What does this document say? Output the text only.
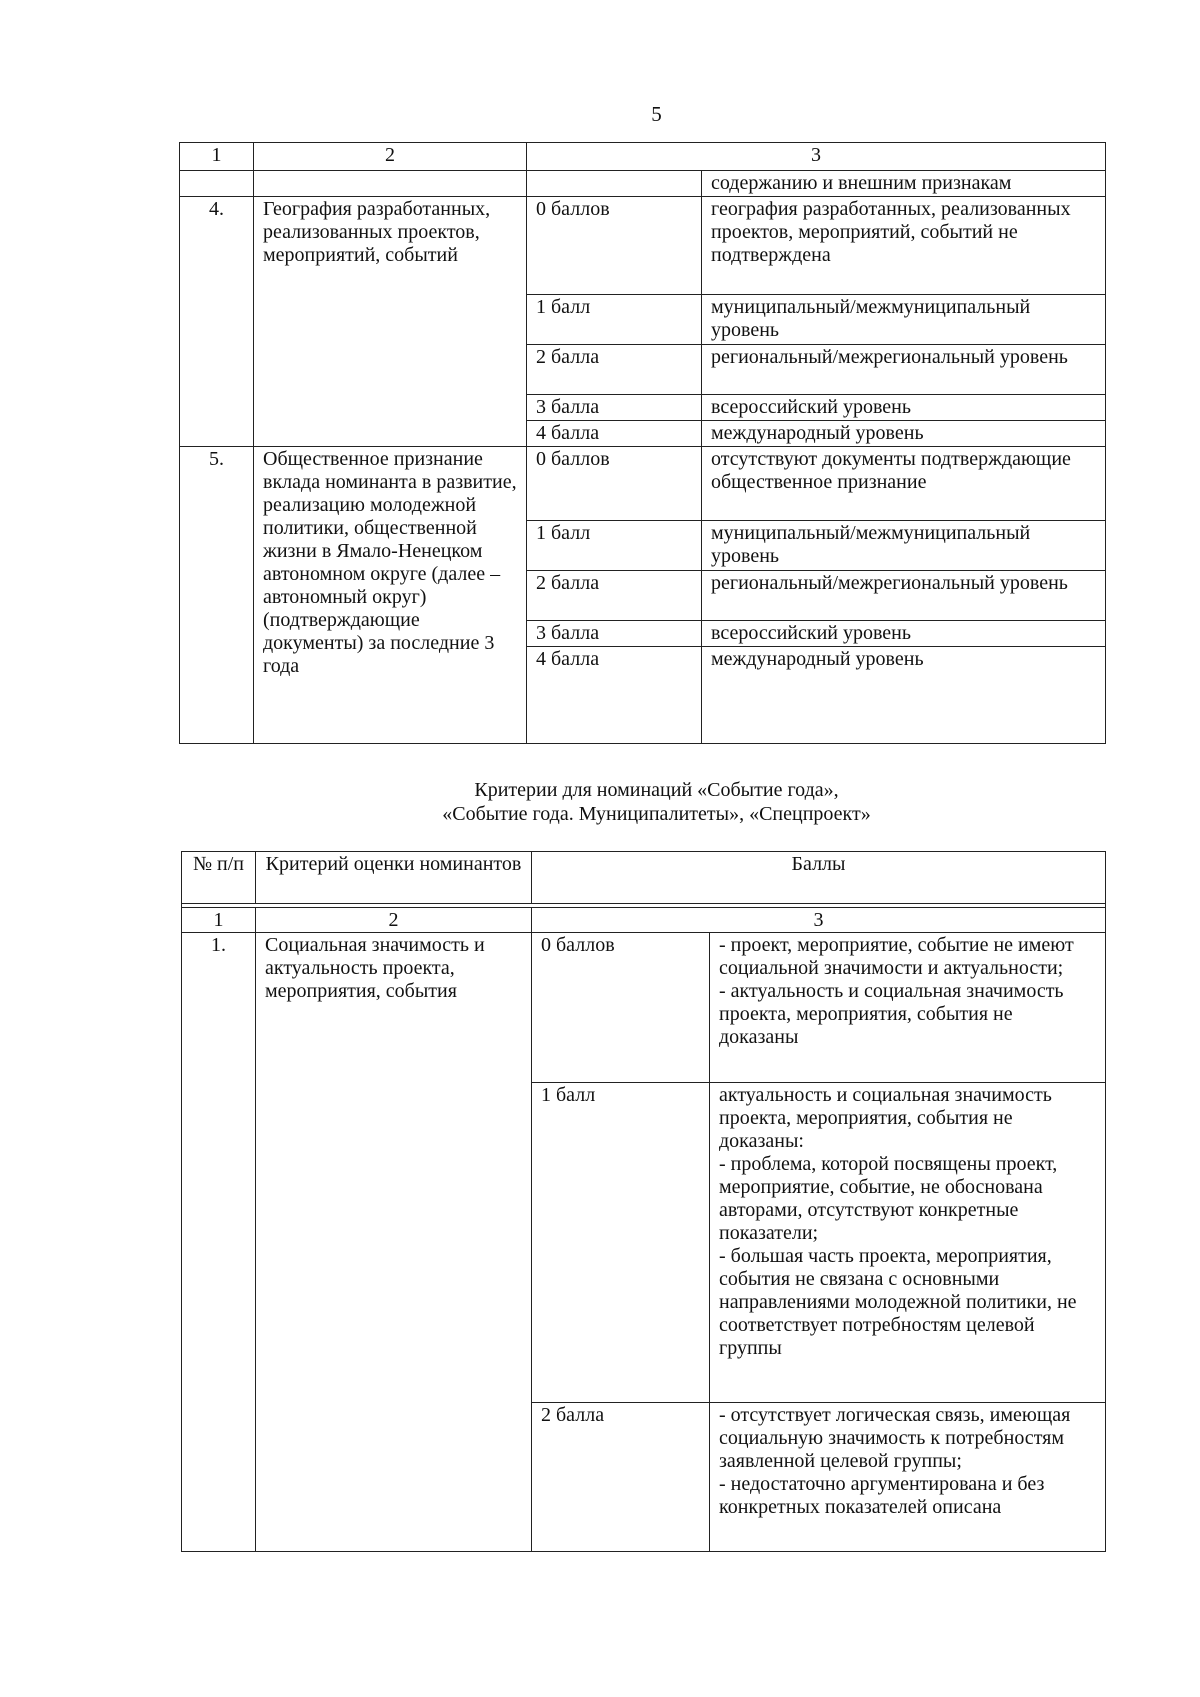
5
1	2	3	
			содержанию и внешним признакам
4.	География разработанных, реализованных проектов, мероприятий, событий	0 баллов	география разработанных, реализованных проектов, мероприятий, событий не подтверждена
		1 балл	муниципальный/межмуниципальный уровень
		2 балла	региональный/межрегиональный уровень
		3 балла	всероссийский уровень
		4 балла	международный уровень
5.	Общественное признание вклада номинанта в развитие, реализацию молодежной политики, общественной жизни в Ямало-Ненецком автономном округе (далее – автономный округ) (подтверждающие документы) за последние 3 года	0 баллов	отсутствуют документы подтверждающие общественное признание
		1 балл	муниципальный/межмуниципальный уровень
		2 балла	региональный/межрегиональный уровень
		3 балла	всероссийский уровень
		4 балла	международный уровень
Критерии для номинаций «Событие года»,
«Событие года. Муниципалитеты», «Спецпроект»
№ п/п	Критерий оценки номинантов	Баллы	

1	2	3	
1.	Социальная значимость и актуальность проекта, мероприятия, события	0 баллов	- проект, мероприятие, событие не имеют социальной значимости и актуальности;
- актуальность и социальная значимость проекта, мероприятия, события не доказаны
		1 балл	актуальность и социальная значимость проекта, мероприятия, события не доказаны:
- проблема, которой посвящены проект, мероприятие, событие, не обоснована авторами, отсутствуют конкретные показатели;
- большая часть проекта, мероприятия, события не связана с основными направлениями молодежной политики, не соответствует потребностям целевой группы
		2 балла	- отсутствует логическая связь, имеющая социальную значимость к потребностям заявленной целевой группы;
- недостаточно аргументирована и без конкретных показателей описана
